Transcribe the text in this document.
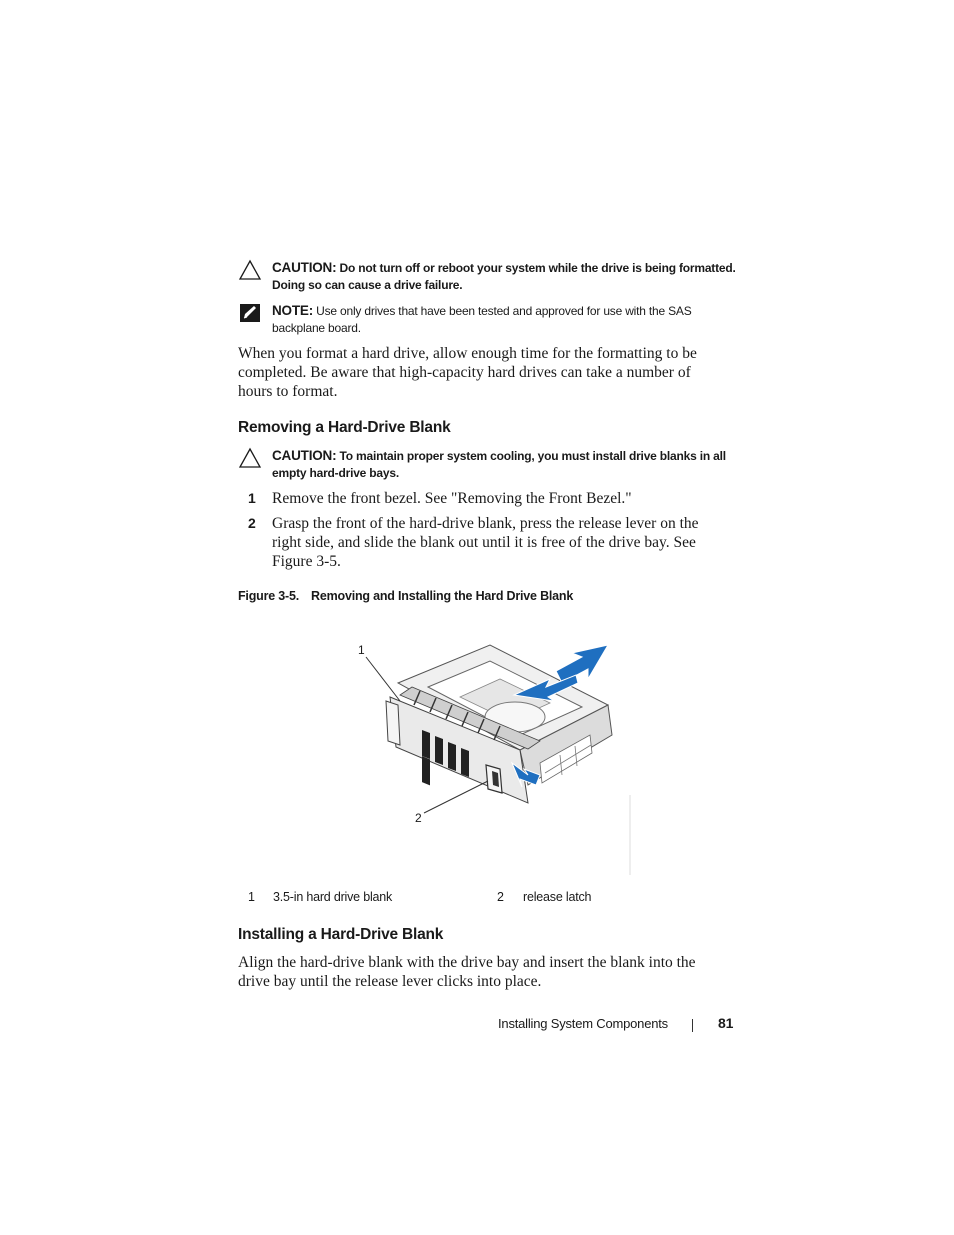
CAUTION: Do not turn off or reboot your system while the drive is being formatted. Doing so can cause a drive failure.
NOTE: Use only drives that have been tested and approved for use with the SAS backplane board.
When you format a hard drive, allow enough time for the formatting to be completed. Be aware that high-capacity hard drives can take a number of hours to format.
Removing a Hard-Drive Blank
CAUTION: To maintain proper system cooling, you must install drive blanks in all empty hard-drive bays.
1 Remove the front bezel. See "Removing the Front Bezel."
2 Grasp the front of the hard-drive blank, press the release lever on the right side, and slide the blank out until it is free of the drive bay. See Figure 3-5.
Figure 3-5. Removing and Installing the Hard Drive Blank
1
2
1 3.5-in hard drive blank	2 release latch
Installing a Hard-Drive Blank
Align the hard-drive blank with the drive bay and insert the blank into the drive bay until the release lever clicks into place.
Installing System Components	81
